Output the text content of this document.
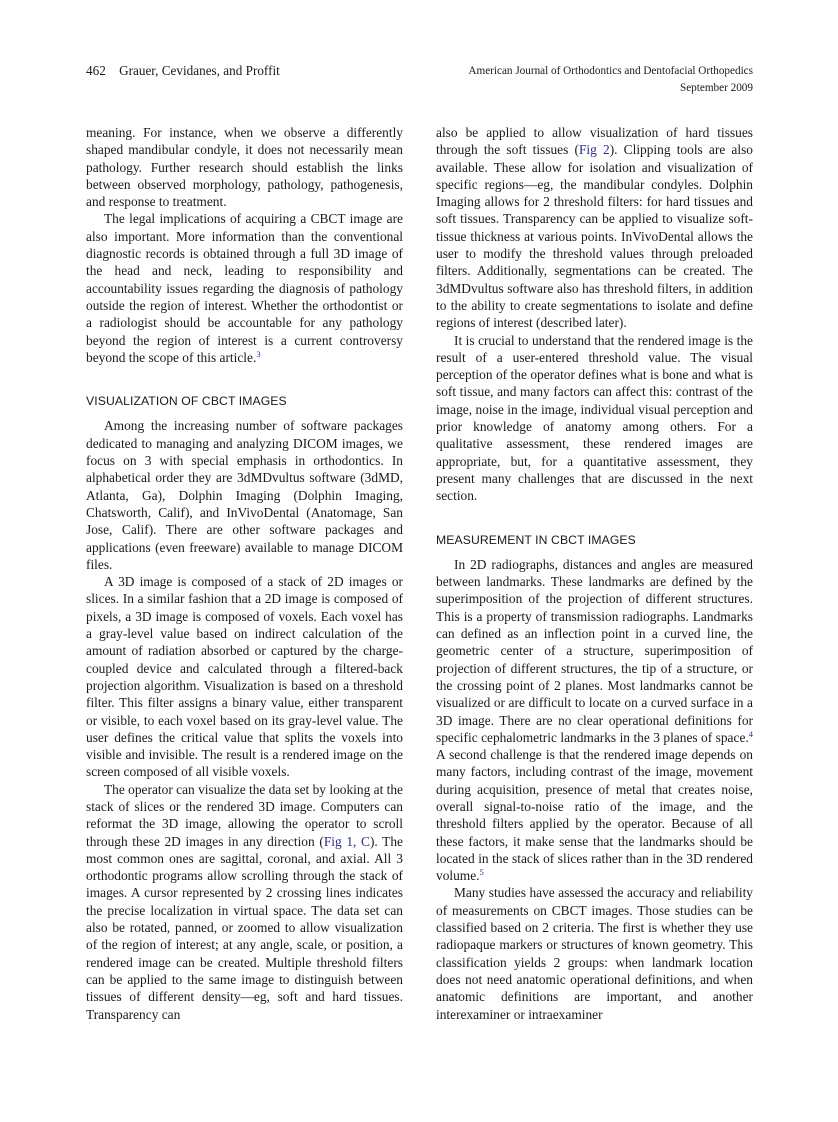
462 Grauer, Cevidanes, and Proffit	American Journal of Orthodontics and Dentofacial Orthopedics
September 2009

meaning. For instance, when we observe a differently shaped mandibular condyle, it does not necessarily mean pathology. Further research should establish the links between observed morphology, pathology, pathogenesis, and response to treatment.

The legal implications of acquiring a CBCT image are also important. More information than the conventional diagnostic records is obtained through a full 3D image of the head and neck, leading to responsibility and accountability issues regarding the diagnosis of pathology outside the region of interest. Whether the orthodontist or a radiologist should be accountable for any pathology beyond the region of interest is a current controversy beyond the scope of this article.$^3$

VISUALIZATION OF CBCT IMAGES

Among the increasing number of software packages dedicated to managing and analyzing DICOM images, we focus on 3 with special emphasis in orthodontics. In alphabetical order they are 3dMDvultus software (3dMD, Atlanta, Ga), Dolphin Imaging (Dolphin Imaging, Chatsworth, Calif), and InVivoDental (Anatomage, San Jose, Calif). There are other software packages and applications (even freeware) available to manage DICOM files.

A 3D image is composed of a stack of 2D images or slices. In a similar fashion that a 2D image is composed of pixels, a 3D image is composed of voxels. Each voxel has a gray-level value based on indirect calculation of the amount of radiation absorbed or captured by the charge-coupled device and calculated through a filtered-back projection algorithm. Visualization is based on a threshold filter. This filter assigns a binary value, either transparent or visible, to each voxel based on its gray-level value. The user defines the critical value that splits the voxels into visible and invisible. The result is a rendered image on the screen composed of all visible voxels.

The operator can visualize the data set by looking at the stack of slices or the rendered 3D image. Computers can reformat the 3D image, allowing the operator to scroll through these 2D images in any direction (Fig 1, C). The most common ones are sagittal, coronal, and axial. All 3 orthodontic programs allow scrolling through the stack of images. A cursor represented by 2 crossing lines indicates the precise localization in virtual space. The data set can also be rotated, panned, or zoomed to allow visualization of the region of interest; at any angle, scale, or position, a rendered image can be created. Multiple threshold filters can be applied to the same image to distinguish between tissues of different density—eg, soft and hard tissues. Transparency can

also be applied to allow visualization of hard tissues through the soft tissues (Fig 2). Clipping tools are also available. These allow for isolation and visualization of specific regions—eg, the mandibular condyles. Dolphin Imaging allows for 2 threshold filters: for hard tissues and soft tissues. Transparency can be applied to visualize soft-tissue thickness at various points. InVivoDental allows the user to modify the threshold values through preloaded filters. Additionally, segmentations can be created. The 3dMDvultus software also has threshold filters, in addition to the ability to create segmentations to isolate and define regions of interest (described later).

It is crucial to understand that the rendered image is the result of a user-entered threshold value. The visual perception of the operator defines what is bone and what is soft tissue, and many factors can affect this: contrast of the image, noise in the image, individual visual perception and prior knowledge of anatomy among others. For a qualitative assessment, these rendered images are appropriate, but, for a quantitative assessment, they present many challenges that are discussed in the next section.

MEASUREMENT IN CBCT IMAGES

In 2D radiographs, distances and angles are measured between landmarks. These landmarks are defined by the superimposition of the projection of different structures. This is a property of transmission radiographs. Landmarks can defined as an inflection point in a curved line, the geometric center of a structure, superimposition of projection of different structures, the tip of a structure, or the crossing point of 2 planes. Most landmarks cannot be visualized or are difficult to locate on a curved surface in a 3D image. There are no clear operational definitions for specific cephalometric landmarks in the 3 planes of space.$^4$ A second challenge is that the rendered image depends on many factors, including contrast of the image, movement during acquisition, presence of metal that creates noise, overall signal-to-noise ratio of the image, and the threshold filters applied by the operator. Because of all these factors, it make sense that the landmarks should be located in the stack of slices rather than in the 3D rendered volume.$^5$

Many studies have assessed the accuracy and reliability of measurements on CBCT images. Those studies can be classified based on 2 criteria. The first is whether they use radiopaque markers or structures of known geometry. This classification yields 2 groups: when landmark location does not need anatomic operational definitions, and when anatomic definitions are important, and another interexaminer or intraexaminer
